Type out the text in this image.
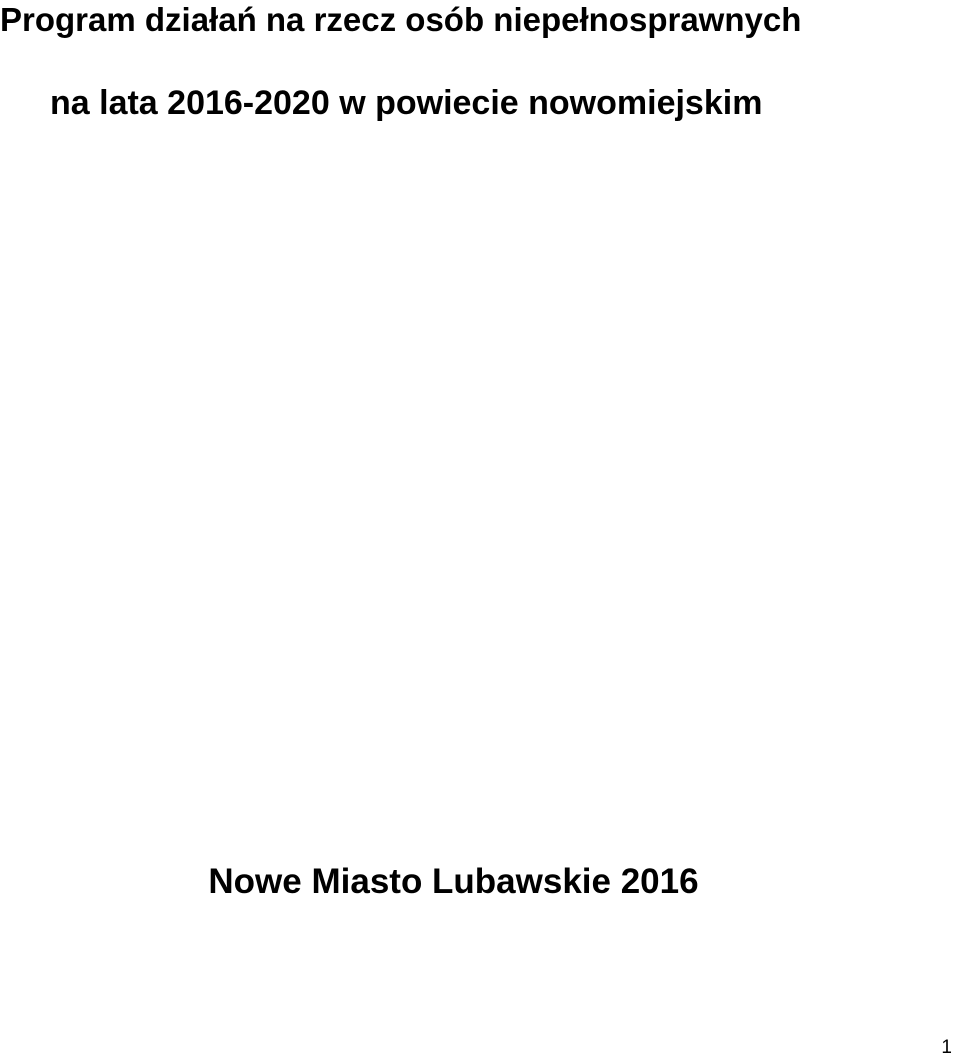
Program działań na rzecz osób niepełnosprawnych
na lata 2016-2020 w powiecie nowomiejskim

Nowe Miasto Lubawskie 2016

1
